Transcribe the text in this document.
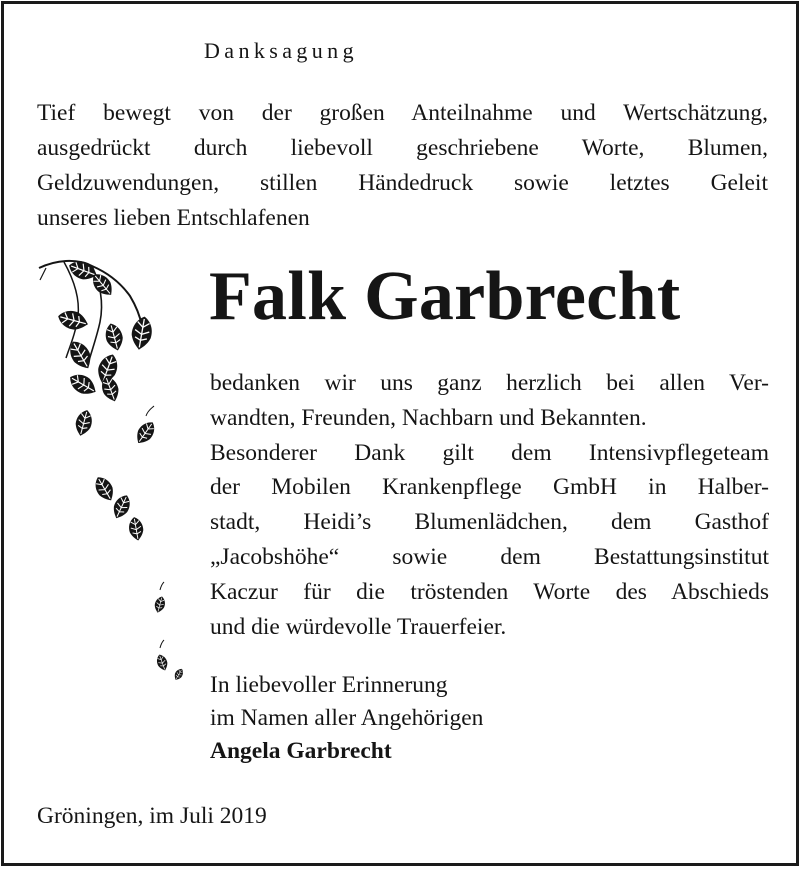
Danksagung
Tief bewegt von der großen Anteilnahme und Wertschätzung,
ausgedrückt durch liebevoll geschriebene Worte, Blumen,
Geldzuwendungen, stillen Händedruck sowie letztes Geleit
unseres lieben Entschlafenen
Falk Garbrecht
bedanken wir uns ganz herzlich bei allen Ver-
wandten, Freunden, Nachbarn und Bekannten.
Besonderer Dank gilt dem Intensivpflegeteam
der Mobilen Krankenpflege GmbH in Halber-
stadt, Heidi’s Blumenlädchen, dem Gasthof
„Jacobshöhe“ sowie dem Bestattungsinstitut
Kaczur für die tröstenden Worte des Abschieds
und die würdevolle Trauerfeier.
In liebevoller Erinnerung
im Namen aller Angehörigen
Angela Garbrecht
Gröningen, im Juli 2019
